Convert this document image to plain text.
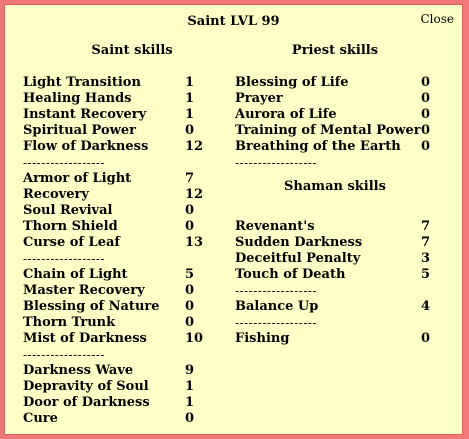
Saint LVL 99	Close
Saint skills	Priest skills
Light Transition	1
Healing Hands	1
Instant Recovery	1
Spiritual Power	0
Flow of Darkness	12
------------------
Armor of Light	7
Recovery	12
Soul Revival	0
Thorn Shield	0
Curse of Leaf	13
------------------
Chain of Light	5
Master Recovery	0
Blessing of Nature 0
Thorn Trunk	0
Mist of Darkness	10
------------------
Darkness Wave	9
Depravity of Soul	1
Door of Darkness	1
Cure	0
Blessing of Life	0
Prayer	0
Aurora of Life	0
Training of Mental Power 0
Breathing of the Earth 0
------------------
Shaman skills
Revenant's	7
Sudden Darkness	7
Deceitful Penalty	3
Touch of Death	5
------------------
Balance Up	4
------------------
Fishing	0
